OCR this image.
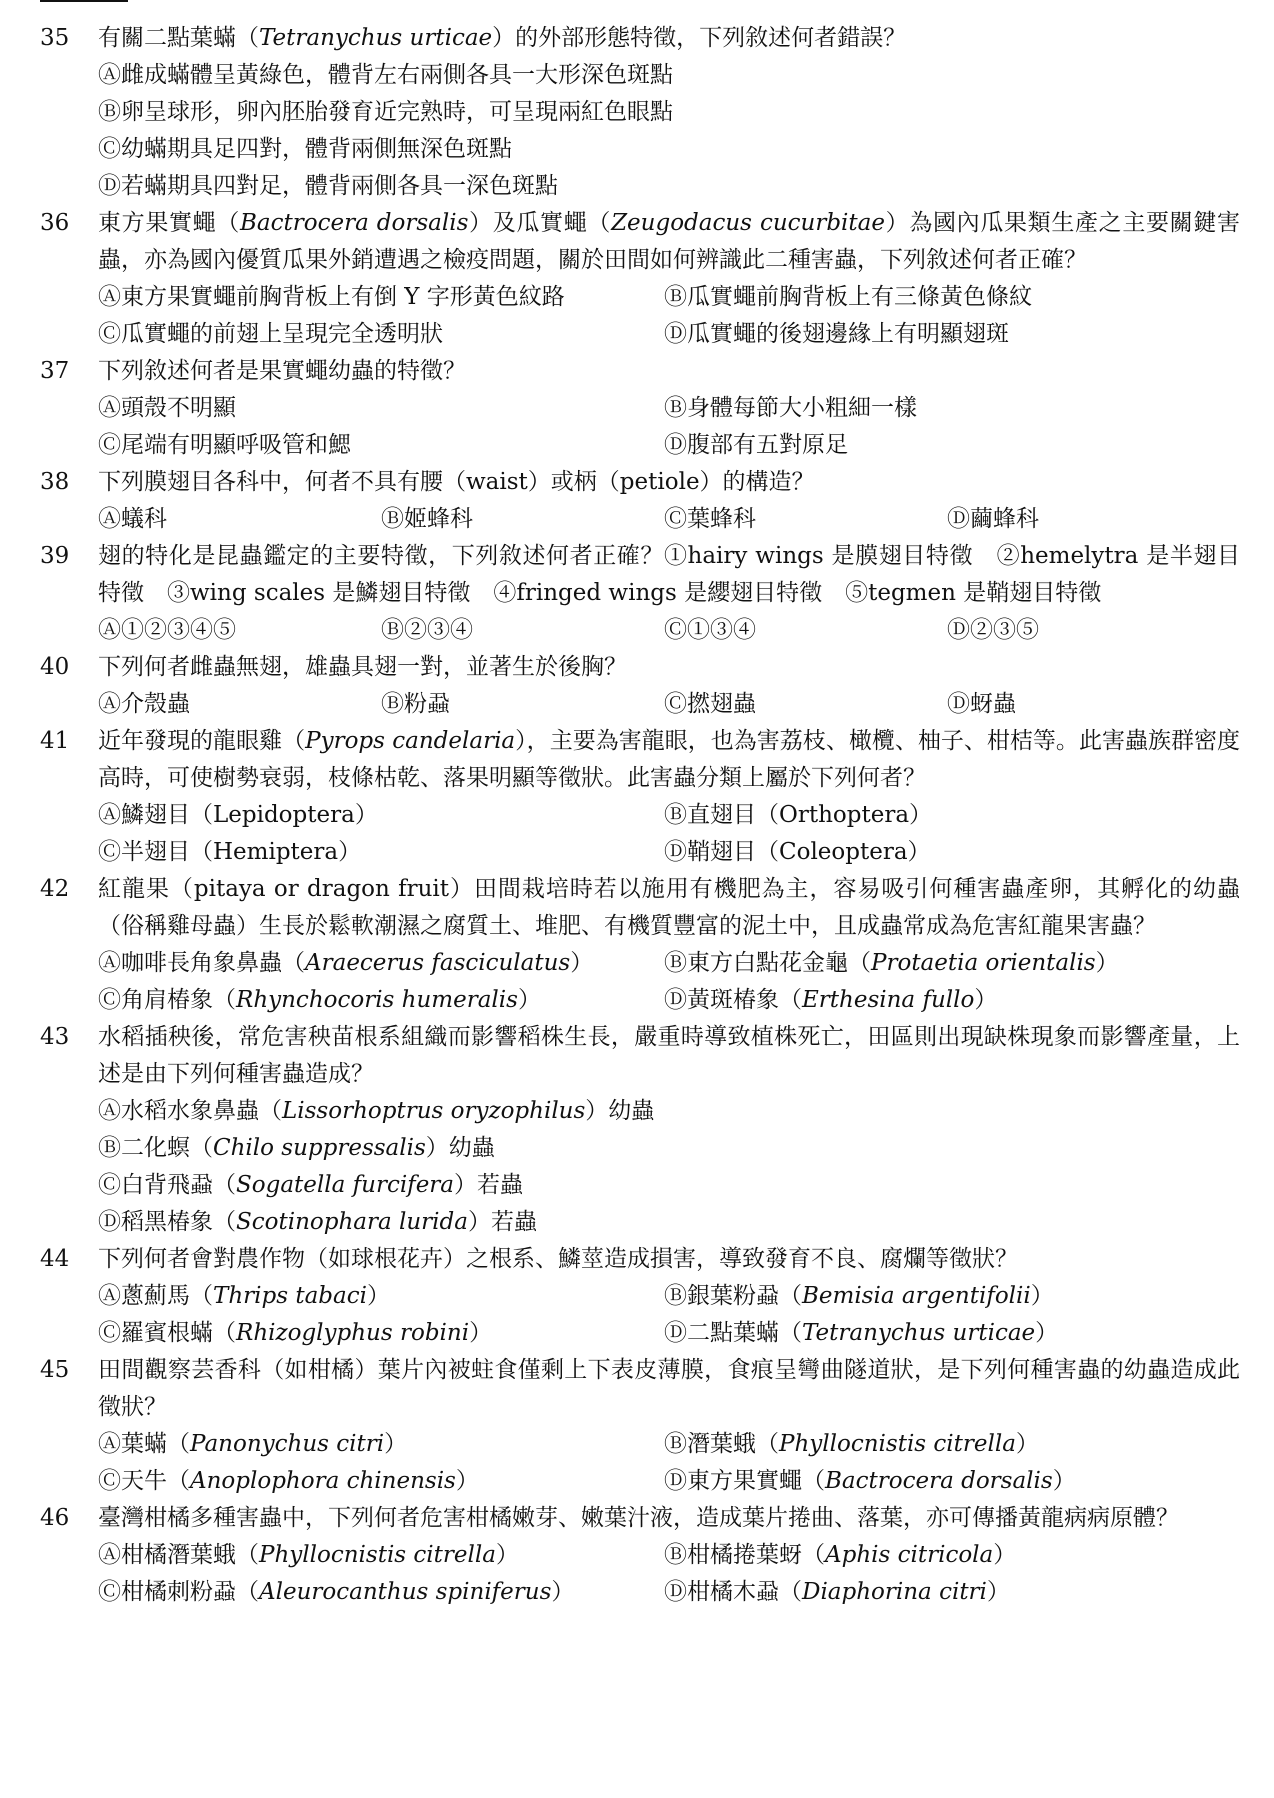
35	有關二點葉蟎（Tetranychus urticae）的外部形態特徵，下列敘述何者錯誤？
Ⓐ雌成蟎體呈黃綠色，體背左右兩側各具一大形深色斑點
Ⓑ卵呈球形，卵內胚胎發育近完熟時，可呈現兩紅色眼點
Ⓒ幼蟎期具足四對，體背兩側無深色斑點
Ⓓ若蟎期具四對足，體背兩側各具一深色斑點
36	東方果實蠅（Bactrocera dorsalis）及瓜實蠅（Zeugodacus cucurbitae）為國內瓜果類生產之主要關鍵害蟲，亦為國內優質瓜果外銷遭遇之檢疫問題，關於田間如何辨識此二種害蟲，下列敘述何者正確？
Ⓐ東方果實蠅前胸背板上有倒 Y 字形黃色紋路	Ⓑ瓜實蠅前胸背板上有三條黃色條紋
Ⓒ瓜實蠅的前翅上呈現完全透明狀	Ⓓ瓜實蠅的後翅邊緣上有明顯翅斑
37	下列敘述何者是果實蠅幼蟲的特徵？
Ⓐ頭殼不明顯	Ⓑ身體每節大小粗細一樣
Ⓒ尾端有明顯呼吸管和鰓	Ⓓ腹部有五對原足
38	下列膜翅目各科中，何者不具有腰（waist）或柄（petiole）的構造？
Ⓐ蟻科	Ⓑ姬蜂科	Ⓒ葉蜂科	Ⓓ繭蜂科
39	翅的特化是昆蟲鑑定的主要特徵，下列敘述何者正確？①hairy wings 是膜翅目特徵　②hemelytra 是半翅目特徵　③wing scales 是鱗翅目特徵　④fringed wings 是纓翅目特徵　⑤tegmen 是鞘翅目特徵
Ⓐ①②③④⑤	Ⓑ②③④	Ⓒ①③④	Ⓓ②③⑤
40	下列何者雌蟲無翅，雄蟲具翅一對，並著生於後胸？
Ⓐ介殼蟲	Ⓑ粉蝨	Ⓒ撚翅蟲	Ⓓ蚜蟲
41	近年發現的龍眼雞（Pyrops candelaria），主要為害龍眼，也為害荔枝、橄欖、柚子、柑桔等。此害蟲族群密度高時，可使樹勢衰弱，枝條枯乾、落果明顯等徵狀。此害蟲分類上屬於下列何者？
Ⓐ鱗翅目（Lepidoptera）	Ⓑ直翅目（Orthoptera）
Ⓒ半翅目（Hemiptera）	Ⓓ鞘翅目（Coleoptera）
42	紅龍果（pitaya or dragon fruit）田間栽培時若以施用有機肥為主，容易吸引何種害蟲產卵，其孵化的幼蟲（俗稱雞母蟲）生長於鬆軟潮濕之腐質土、堆肥、有機質豐富的泥土中，且成蟲常成為危害紅龍果害蟲？
Ⓐ咖啡長角象鼻蟲（Araecerus fasciculatus）	Ⓑ東方白點花金龜（Protaetia orientalis）
Ⓒ角肩椿象（Rhynchocoris humeralis）	Ⓓ黃斑椿象（Erthesina fullo）
43	水稻插秧後，常危害秧苗根系組織而影響稻株生長，嚴重時導致植株死亡，田區則出現缺株現象而影響產量，上述是由下列何種害蟲造成？
Ⓐ水稻水象鼻蟲（Lissorhoptrus oryzophilus）幼蟲
Ⓑ二化螟（Chilo suppressalis）幼蟲
Ⓒ白背飛蝨（Sogatella furcifera）若蟲
Ⓓ稻黑椿象（Scotinophara lurida）若蟲
44	下列何者會對農作物（如球根花卉）之根系、鱗莖造成損害，導致發育不良、腐爛等徵狀？
Ⓐ蔥薊馬（Thrips tabaci）	Ⓑ銀葉粉蝨（Bemisia argentifolii）
Ⓒ羅賓根蟎（Rhizoglyphus robini）	Ⓓ二點葉蟎（Tetranychus urticae）
45	田間觀察芸香科（如柑橘）葉片內被蛀食僅剩上下表皮薄膜，食痕呈彎曲隧道狀，是下列何種害蟲的幼蟲造成此徵狀？
Ⓐ葉蟎（Panonychus citri）	Ⓑ潛葉蛾（Phyllocnistis citrella）
Ⓒ天牛（Anoplophora chinensis）	Ⓓ東方果實蠅（Bactrocera dorsalis）
46	臺灣柑橘多種害蟲中，下列何者危害柑橘嫩芽、嫩葉汁液，造成葉片捲曲、落葉，亦可傳播黃龍病病原體？
Ⓐ柑橘潛葉蛾（Phyllocnistis citrella）	Ⓑ柑橘捲葉蚜（Aphis citricola）
Ⓒ柑橘刺粉蝨（Aleurocanthus spiniferus）	Ⓓ柑橘木蝨（Diaphorina citri）
